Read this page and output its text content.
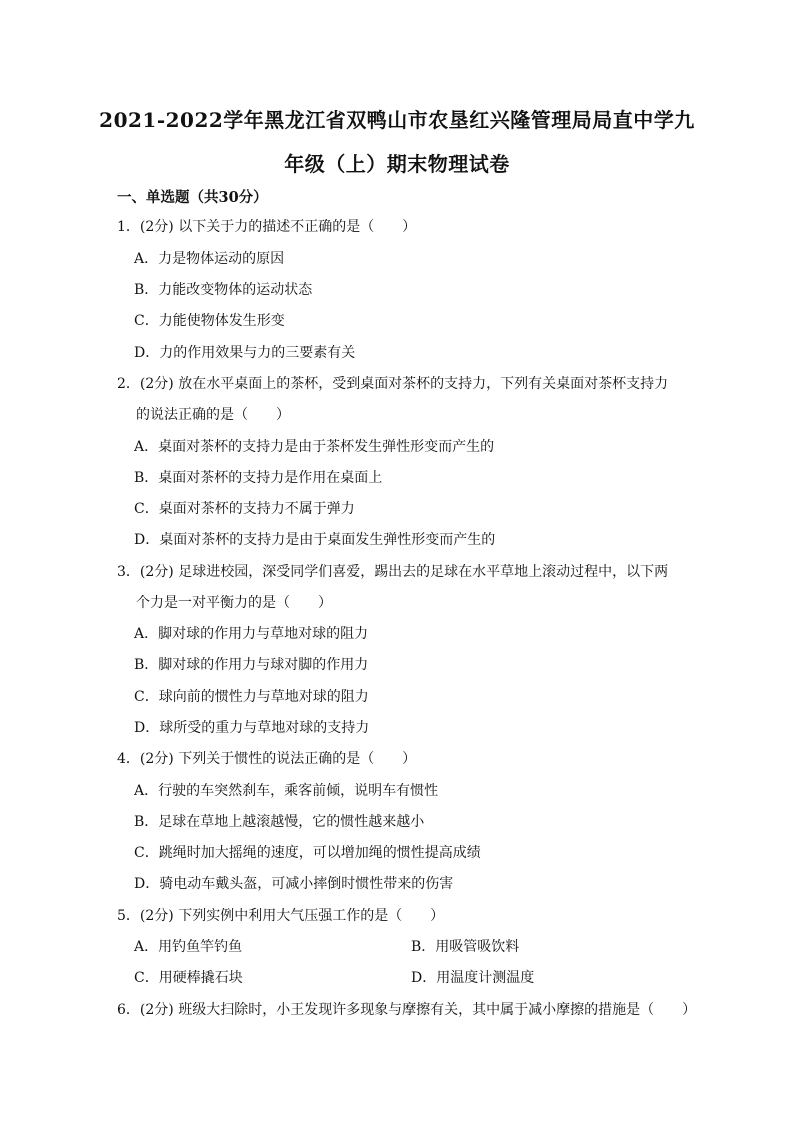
2021-2022学年黑龙江省双鸭山市农垦红兴隆管理局局直中学九
年级（上）期末物理试卷
一、单选题（共30分）
1．(2分) 以下关于力的描述不正确的是（　　）
A．力是物体运动的原因
B．力能改变物体的运动状态
C．力能使物体发生形变
D．力的作用效果与力的三要素有关
2．(2分) 放在水平桌面上的茶杯，受到桌面对茶杯的支持力，下列有关桌面对茶杯支持力
的说法正确的是（　　）
A．桌面对茶杯的支持力是由于茶杯发生弹性形变而产生的
B．桌面对茶杯的支持力是作用在桌面上
C．桌面对茶杯的支持力不属于弹力
D．桌面对茶杯的支持力是由于桌面发生弹性形变而产生的
3．(2分) 足球进校园，深受同学们喜爱，踢出去的足球在水平草地上滚动过程中，以下两
个力是一对平衡力的是（　　）
A．脚对球的作用力与草地对球的阻力
B．脚对球的作用力与球对脚的作用力
C．球向前的惯性力与草地对球的阻力
D．球所受的重力与草地对球的支持力
4．(2分) 下列关于惯性的说法正确的是（　　）
A．行驶的车突然刹车，乘客前倾，说明车有惯性
B．足球在草地上越滚越慢，它的惯性越来越小
C．跳绳时加大摇绳的速度，可以增加绳的惯性提高成绩
D．骑电动车戴头盔，可减小摔倒时惯性带来的伤害
5．(2分) 下列实例中利用大气压强工作的是（　　）
A．用钓鱼竿钓鱼	B．用吸管吸饮料
C．用硬棒撬石块	D．用温度计测温度
6．(2分) 班级大扫除时，小王发现许多现象与摩擦有关，其中属于减小摩擦的措施是（　　）
